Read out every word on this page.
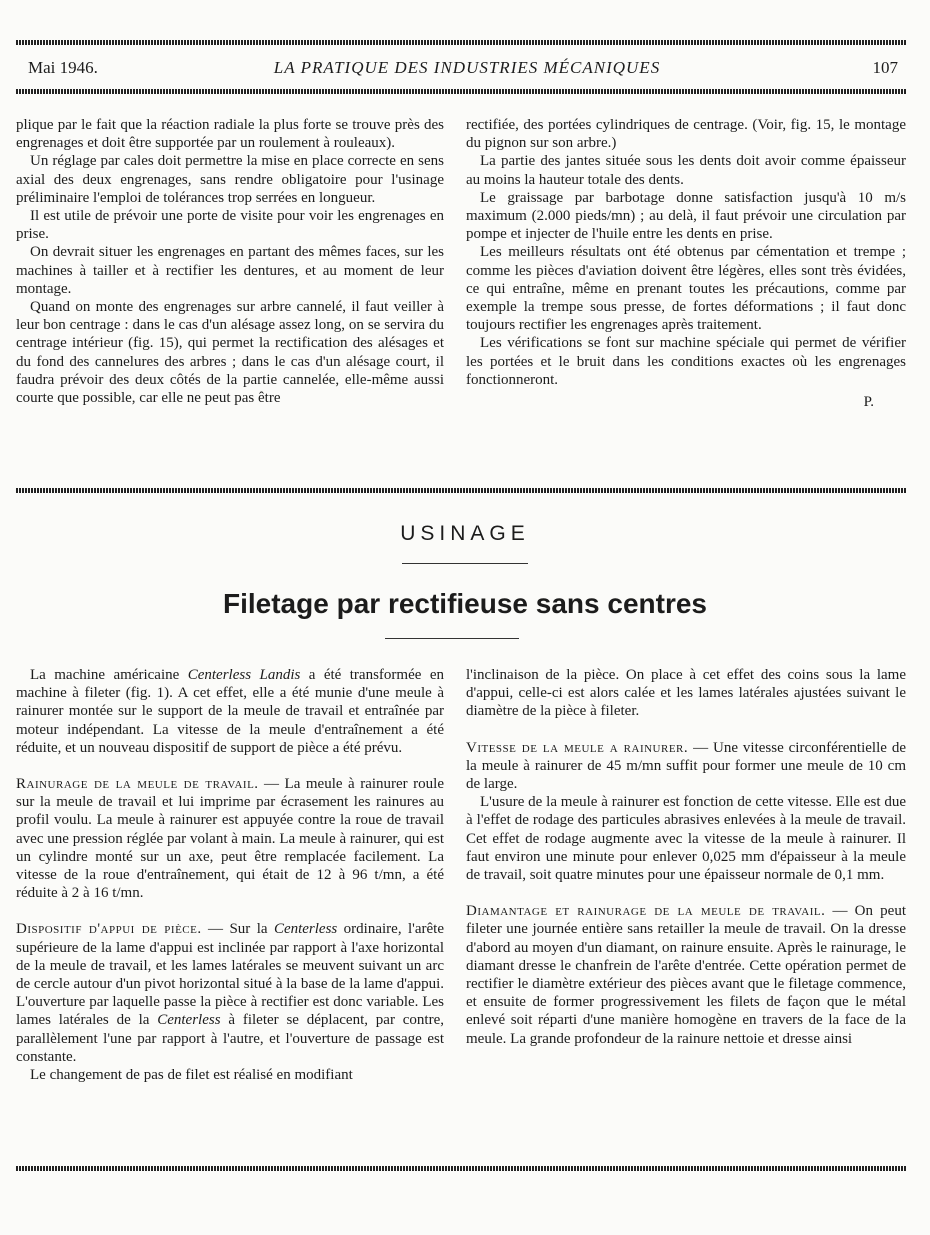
Mai 1946.	LA PRATIQUE DES INDUSTRIES MÉCANIQUES	107

plique par le fait que la réaction radiale la plus forte se trouve près des engrenages et doit être supportée par un roulement à rouleaux).

Un réglage par cales doit permettre la mise en place correcte en sens axial des deux engrenages, sans rendre obligatoire pour l'usinage préliminaire l'emploi de tolérances trop serrées en longueur.

Il est utile de prévoir une porte de visite pour voir les engrenages en prise.

On devrait situer les engrenages en partant des mêmes faces, sur les machines à tailler et à rectifier les dentures, et au moment de leur montage.

Quand on monte des engrenages sur arbre cannelé, il faut veiller à leur bon centrage : dans le cas d'un alésage assez long, on se servira du centrage intérieur (fig. 15), qui permet la rectification des alésages et du fond des cannelures des arbres ; dans le cas d'un alésage court, il faudra prévoir des deux côtés de la partie cannelée, elle-même aussi courte que possible, car elle ne peut pas être

rectifiée, des portées cylindriques de centrage. (Voir, fig. 15, le montage du pignon sur son arbre.)

La partie des jantes située sous les dents doit avoir comme épaisseur au moins la hauteur totale des dents.

Le graissage par barbotage donne satisfaction jusqu'à 10 m/s maximum (2.000 pieds/mn) ; au delà, il faut prévoir une circulation par pompe et injecter de l'huile entre les dents en prise.

Les meilleurs résultats ont été obtenus par cémentation et trempe ; comme les pièces d'aviation doivent être légères, elles sont très évidées, ce qui entraîne, même en prenant toutes les précautions, comme par exemple la trempe sous presse, de fortes déformations ; il faut donc toujours rectifier les engrenages après traitement.

Les vérifications se font sur machine spéciale qui permet de vérifier les portées et le bruit dans les conditions exactes où les engrenages fonctionneront.

P.
USINAGE
Filetage par rectifieuse sans centres

La machine américaine Centerless Landis a été transformée en machine à fileter (fig. 1). A cet effet, elle a été munie d'une meule à rainurer montée sur le support de la meule de travail et entraînée par moteur indépendant. La vitesse de la meule d'entraînement a été réduite, et un nouveau dispositif de support de pièce a été prévu.

Rainurage de la meule de travail. — La meule à rainurer roule sur la meule de travail et lui imprime par écrasement les rainures au profil voulu. La meule à rainurer est appuyée contre la roue de travail avec une pression réglée par volant à main. La meule à rainurer, qui est un cylindre monté sur un axe, peut être remplacée facilement. La vitesse de la roue d'entraînement, qui était de 12 à 96 t/mn, a été réduite à 2 à 16 t/mn.

Dispositif d'appui de pièce. — Sur la Centerless ordinaire, l'arête supérieure de la lame d'appui est inclinée par rapport à l'axe horizontal de la meule de travail, et les lames latérales se meuvent suivant un arc de cercle autour d'un pivot horizontal situé à la base de la lame d'appui. L'ouverture par laquelle passe la pièce à rectifier est donc variable. Les lames latérales de la Centerless à fileter se déplacent, par contre, parallèlement l'une par rapport à l'autre, et l'ouverture de passage est constante.

Le changement de pas de filet est réalisé en modifiant

l'inclinaison de la pièce. On place à cet effet des coins sous la lame d'appui, celle-ci est alors calée et les lames latérales ajustées suivant le diamètre de la pièce à fileter.

Vitesse de la meule a rainurer. — Une vitesse circonférentielle de la meule à rainurer de 45 m/mn suffit pour former une meule de 10 cm de large.

L'usure de la meule à rainurer est fonction de cette vitesse. Elle est due à l'effet de rodage des particules abrasives enlevées à la meule de travail. Cet effet de rodage augmente avec la vitesse de la meule à rainurer. Il faut environ une minute pour enlever 0,025 mm d'épaisseur à la meule de travail, soit quatre minutes pour une épaisseur normale de 0,1 mm.

Diamantage et rainurage de la meule de travail. — On peut fileter une journée entière sans retailler la meule de travail. On la dresse d'abord au moyen d'un diamant, on rainure ensuite. Après le rainurage, le diamant dresse le chanfrein de l'arête d'entrée. Cette opération permet de rectifier le diamètre extérieur des pièces avant que le filetage commence, et ensuite de former progressivement les filets de façon que le métal enlevé soit réparti d'une manière homogène en travers de la face de la meule. La grande profondeur de la rainure nettoie et dresse ainsi
